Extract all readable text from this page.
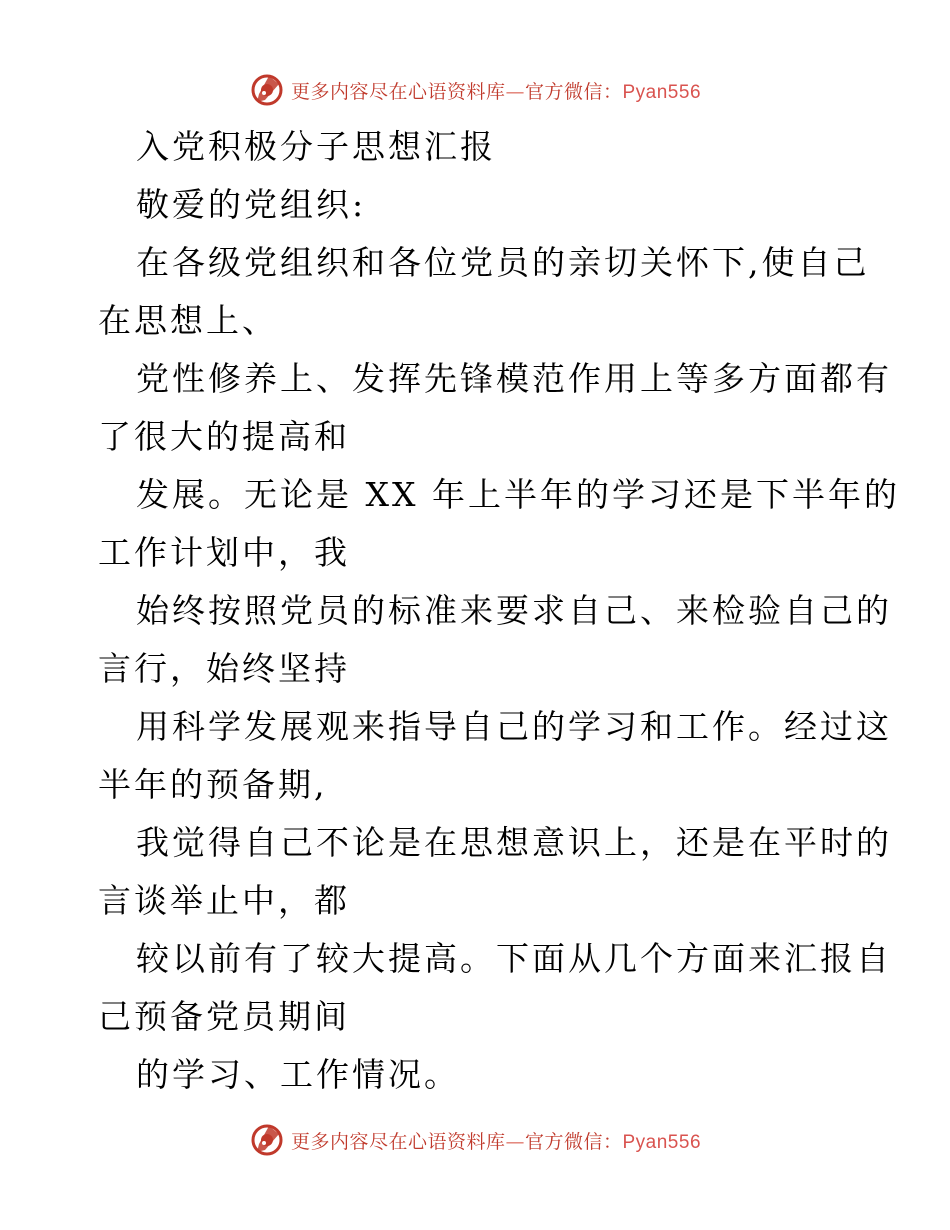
更多内容尽在心语资料库—官方微信：Pyan556
入党积极分子思想汇报
敬爱的党组织:
在各级党组织和各位党员的亲切关怀下,使自己
在思想上、
党性修养上、发挥先锋模范作用上等多方面都有
了很大的提高和
发展。无论是 XX 年上半年的学习还是下半年的
工作计划中，我
始终按照党员的标准来要求自己、来检验自己的
言行，始终坚持
用科学发展观来指导自己的学习和工作。经过这
半年的预备期,
我觉得自己不论是在思想意识上，还是在平时的
言谈举止中，都
较以前有了较大提高。下面从几个方面来汇报自
己预备党员期间
的学习、工作情况。
更多内容尽在心语资料库—官方微信：Pyan556
